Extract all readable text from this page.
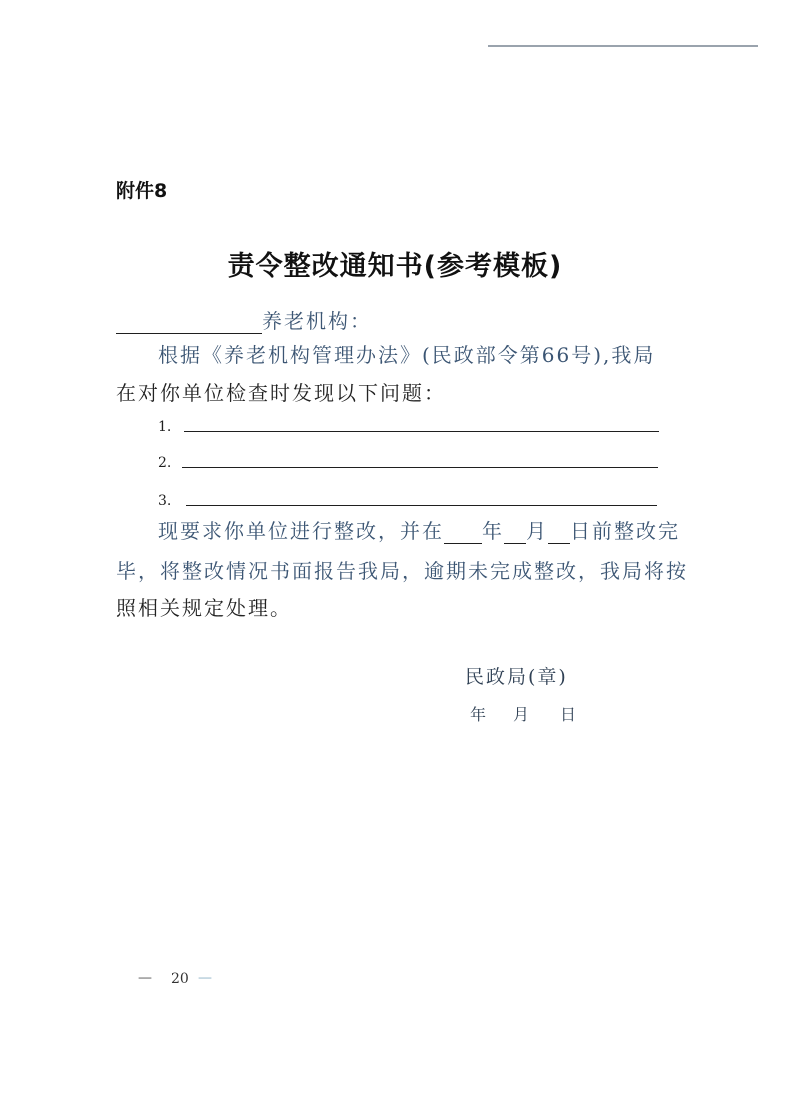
附件8
责令整改通知书(参考模板)
养老机构：
根据《养老机构管理办法》(民政部令第66号),我局
在对你单位检查时发现以下问题：
1.
2.
3.
现要求你单位进行整改，并在 年 月 日前整改完
毕，将整改情况书面报告我局，逾期未完成整改，我局将按
照相关规定处理。
民政局(章)
年 月 日
— 20 —
